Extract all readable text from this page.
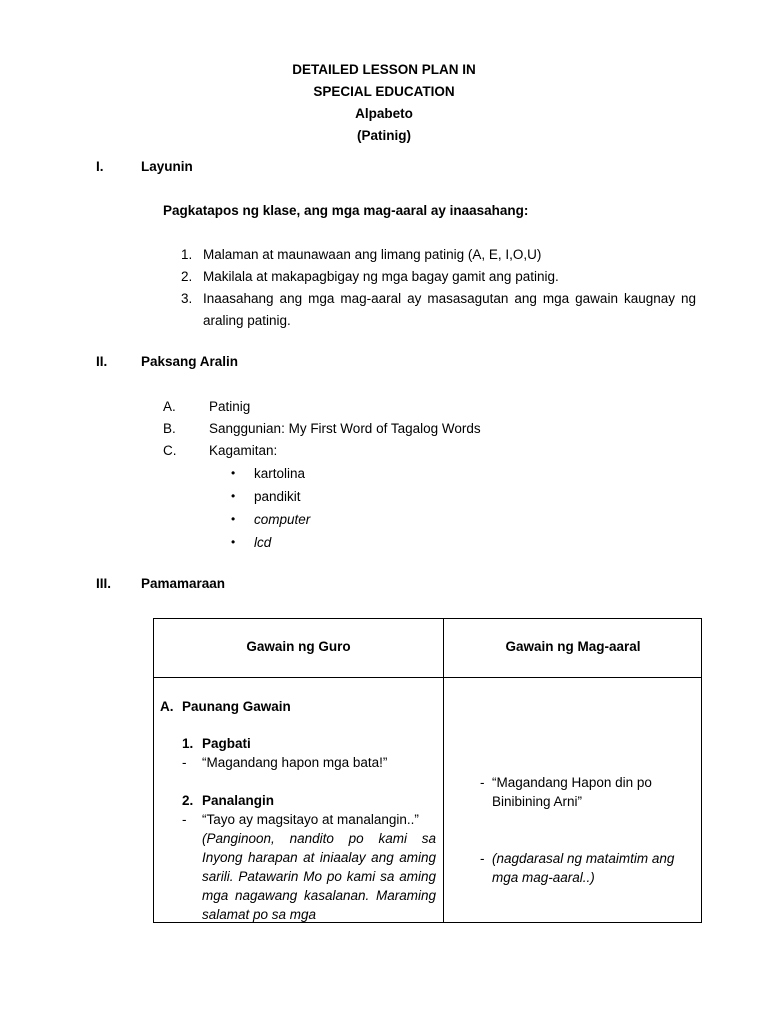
DETAILED LESSON PLAN IN
SPECIAL EDUCATION
Alpabeto
(Patinig)
I.	Layunin
Pagkatapos ng klase, ang mga mag-aaral ay inaasahang:
1. Malaman at maunawaan ang limang patinig (A, E, I,O,U)
2. Makilala at makapagbigay ng mga bagay gamit ang patinig.
3. Inaasahang ang mga mag-aaral ay masasagutan ang mga gawain kaugnay ng araling patinig.
II. Paksang Aralin
A. Patinig
B. Sanggunian: My First Word of Tagalog Words
C. Kagamitan:
• kartolina
• pandikit
• computer
• lcd
III. Pamamaraan
Gawain ng Guro	Gawain ng Mag-aaral
A. Paunang Gawain
1. Pagbati
- “Magandang hapon mga bata!”
2. Panalangin
- “Tayo ay magsitayo at manalangin..”
(Panginoon, nandito po kami sa Inyong harapan at iniaalay ang aming sarili. Patawarin Mo po kami sa aming mga nagawang kasalanan. Maraming salamat po sa mga
- “Magandang Hapon din po Binibining Arni”
- (nagdarasal ng mataimtim ang mga mag-aaral..)
